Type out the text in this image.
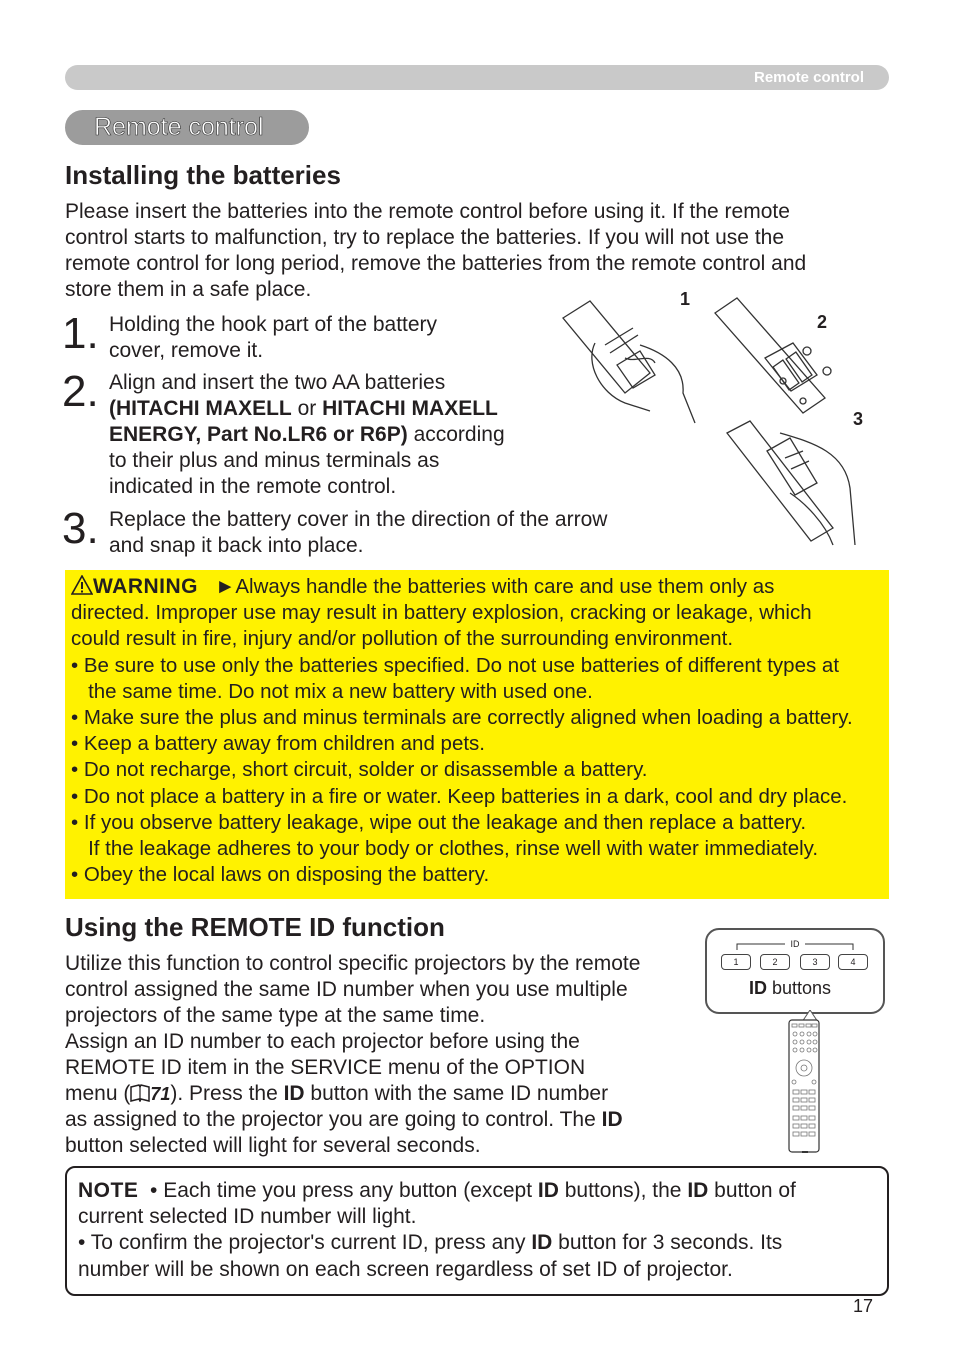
Remote control
Remote control
Installing the batteries
Please insert the batteries into the remote control before using it. If the remote
control starts to malfunction, try to replace the batteries. If you will not use the
remote control for long period, remove the batteries from the remote control and
store them in a safe place.
1. Holding the hook part of the battery
cover, remove it.
2. Align and insert the two AA batteries
(HITACHI MAXELL or HITACHI MAXELL
ENERGY, Part No.LR6 or R6P) according
to their plus and minus terminals as
indicated in the remote control.
3. Replace the battery cover in the direction of the arrow
and snap it back into place.
1
2
3
WARNING ►Always handle the batteries with care and use them only as
directed. Improper use may result in battery explosion, cracking or leakage, which
could result in fire, injury and/or pollution of the surrounding environment.
• Be sure to use only the batteries specified. Do not use batteries of different types at
the same time. Do not mix a new battery with used one.
• Make sure the plus and minus terminals are correctly aligned when loading a battery.
• Keep a battery away from children and pets.
• Do not recharge, short circuit, solder or disassemble a battery.
• Do not place a battery in a fire or water. Keep batteries in a dark, cool and dry place.
• If you observe battery leakage, wipe out the leakage and then replace a battery.
If the leakage adheres to your body or clothes, rinse well with water immediately.
• Obey the local laws on disposing the battery.
Using the REMOTE ID function
Utilize this function to control specific projectors by the remote
control assigned the same ID number when you use multiple
projectors of the same type at the same time.
Assign an ID number to each projector before using the
REMOTE ID item in the SERVICE menu of the OPTION
menu ( 71). Press the ID button with the same ID number
as assigned to the projector you are going to control. The ID
button selected will light for several seconds.
ID
1	2	3	4
ID buttons
NOTE  • Each time you press any button (except ID buttons), the ID button of
current selected ID number will light.
• To confirm the projector's current ID, press any ID button for 3 seconds. Its
number will be shown on each screen regardless of set ID of projector.
17
